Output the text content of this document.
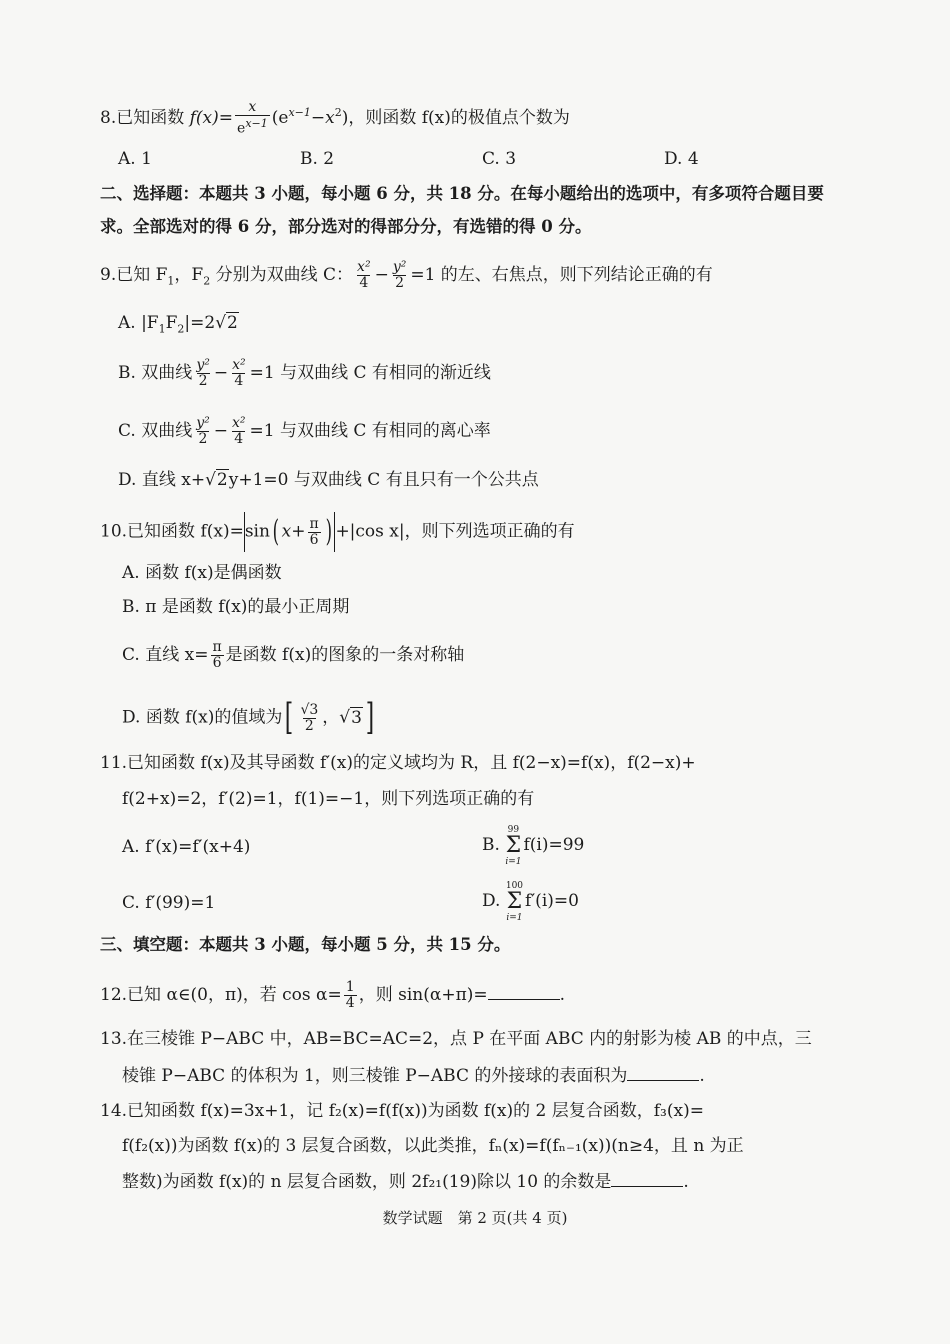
8.已知函数 $f(x)= \frac{x}{e^{x-1}} (e^{x-1}-x^2)$，则函数 f(x)的极值点个数为
A. 1	B. 2	C. 3	D. 4
二、选择题：本题共 3 小题，每小题 6 分，共 18 分。在每小题给出的选项中，有多项符合题目要
求。全部选对的得 6 分，部分选对的得部分分，有选错的得 0 分。
9.已知 $F_1$，$F_2$ 分别为双曲线 C： $\frac{\text{x²}}{4} - \frac{\text{y²}}{2} =1$ 的左、右焦点，则下列结论正确的有
A. $|F_1F_2|=2√2$
B. 双曲线 $\frac{\text{y²}}{2} - \frac{\text{x²}}{4} =1$ 与双曲线 C 有相同的渐近线
C. 双曲线 $\frac{\text{y²}}{2} - \frac{\text{x²}}{4} =1$ 与双曲线 C 有相同的离心率
D. 直线 x+√2y+1=0 与双曲线 C 有且只有一个公共点
10.已知函数 f(x)=sin( $x+ \frac{\pi}{6}$ ) +|cos x|，则下列选项正确的有
A. 函数 f(x)是偶函数
B. π 是函数 f(x)的最小正周期
C. 直线 $x= \frac{\pi}{6}$ 是函数 f(x)的图象的一条对称轴
D. 函数 f(x)的值域为[ $\frac{√3}{2}$ ，√3 ]
11.已知函数 f(x)及其导函数 f′(x)的定义域均为 R，且 f(2−x)=f(x)，f(2−x)+
f(2+x)=2，f′(2)=1，f(1)=−1，则下列选项正确的有
A. f′(x)=f′(x+4)	B.
99
Σ
i=1
f(i)=99
C. f′(99)=1	D.
100
Σ
i=1
f′(i)=0
三、填空题：本题共 3 小题，每小题 5 分，共 15 分。
12.已知 α∈(0，π)，若 $\cos \alpha= \frac{1}{4}$ ，则 sin(α+π)=	.
13.在三棱锥 P−ABC 中，AB=BC=AC=2，点 P 在平面 ABC 内的射影为棱 AB 的中点，三
棱锥 P−ABC 的体积为 1，则三棱锥 P−ABC 的外接球的表面积为	.
14.已知函数 f(x)=3x+1，记 f₂(x)=f(f(x))为函数 f(x)的 2 层复合函数，f₃(x)=
f(f₂(x))为函数 f(x)的 3 层复合函数，以此类推，fₙ(x)=f(fₙ₋₁(x))(n≥4，且 n 为正
整数)为函数 f(x)的 n 层复合函数，则 2f₂₁(19)除以 10 的余数是	.
数学试题　第 2 页(共 4 页)
